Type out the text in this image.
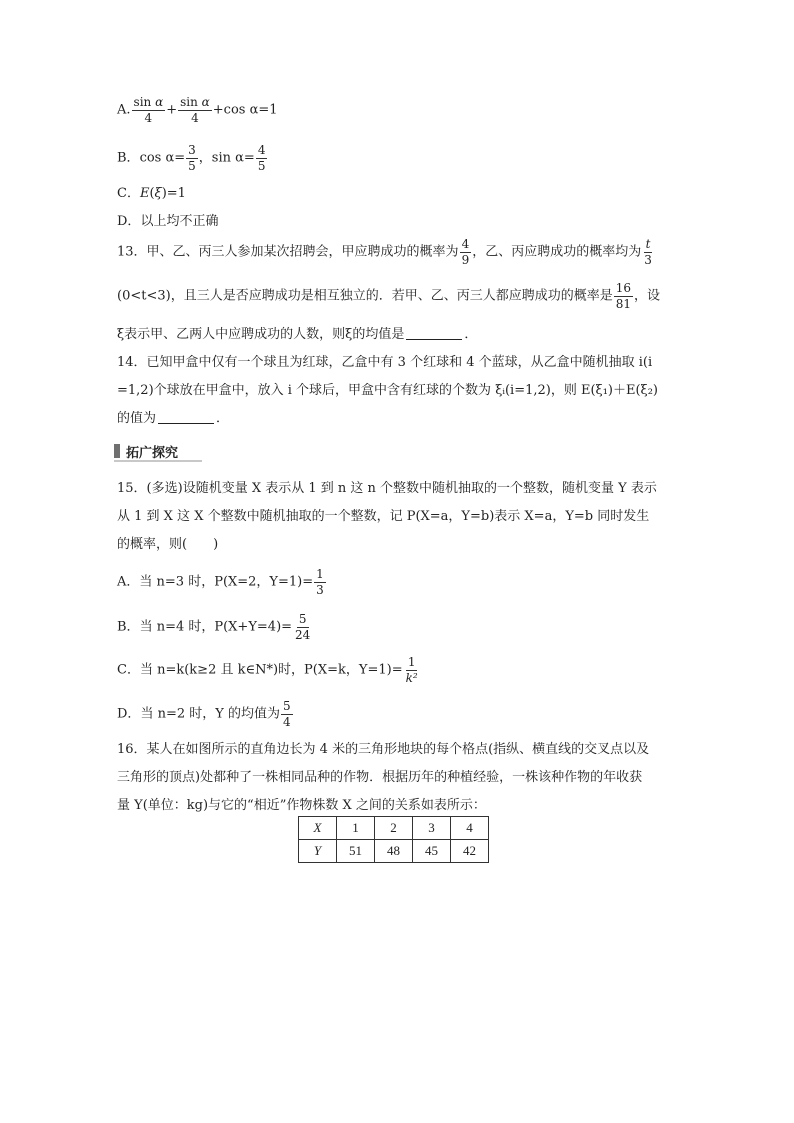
A. $\frac{\text{sin α}}{4} + \frac{\text{sin α}}{4} +\cos$ α=1
B．$\cos \alpha= \frac{3}{5}$ ，$\sin \alpha= \frac{4}{5}$
C．E(ξ)=1
D．以上均不正确
13．甲、乙、丙三人参加某次招聘会，甲应聘成功的概率为 $\frac{4}{9}$ ，乙、丙应聘成功的概率均为 $\frac{t}{3}$
(0<t<3)，且三人是否应聘成功是相互独立的．若甲、乙、丙三人都应聘成功的概率是 $\frac{16}{81}$ ，设
ξ表示甲、乙两人中应聘成功的人数，则ξ的均值是	．
14．已知甲盒中仅有一个球且为红球，乙盒中有 3 个红球和 4 个蓝球，从乙盒中随机抽取 i(i
=1,2)个球放在甲盒中，放入 i 个球后，甲盒中含有红球的个数为 ξᵢ(i=1,2)，则 E(ξ₁)＋E(ξ₂)
的值为	．
拓广探究
15．(多选)设随机变量 X 表示从 1 到 n 这 n 个整数中随机抽取的一个整数，随机变量 Y 表示
从 1 到 X 这 X 个整数中随机抽取的一个整数，记 P(X=a，Y=b)表示 X=a，Y=b 同时发生
的概率，则( )
A．当 n=3 时，P(X=2，$Y=1)= \frac{1}{3}$
B．当 n=4 时，$P(X+Y=4)= \frac{5}{24}$
C．当 n=k(k≥2 且 k∈N*)时，P(X=k，$Y=1)= \frac{1}{\text{k²}}$
D．当 n=2 时，Y 的均值为 $\frac{5}{4}$
16．某人在如图所示的直角边长为 4 米的三角形地块的每个格点(指纵、横直线的交叉点以及
三角形的顶点)处都种了一株相同品种的作物．根据历年的种植经验，一株该种作物的年收获
量 Y(单位：kg)与它的“相近”作物株数 X 之间的关系如表所示：
X	1	2	3	4
Y	51	48	45	42
